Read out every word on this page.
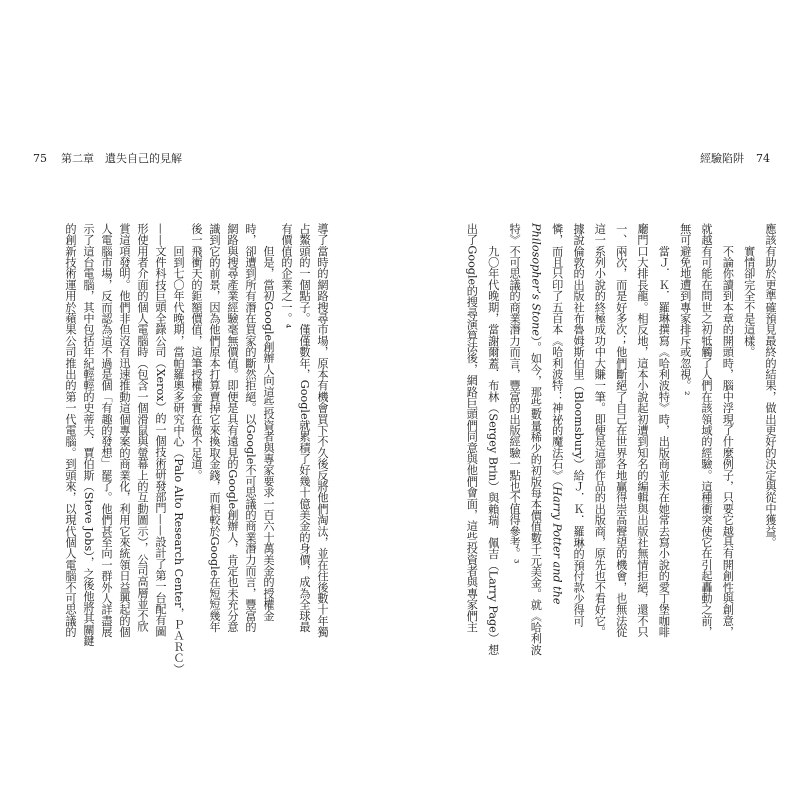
75 第二章 遺失自己的見解
導了當時的網路搜尋市場，原本有機會買下不久後反將他們淘汰，並在往後數十年獨
占鰲頭的一個點子。僅僅數年，Google就累積了好幾十億美金的身價，成為全球最
有價值的企業之一。⁴
　　但是，當初Google創辦人向這些投資者與專家要求一百六十萬美金的授權金
時，卻遭到所有潛在買家的斷然拒絕。以Google不可思議的商業潛力而言，豐富的
網路與搜尋產業經驗毫無價值。即便是具有遠見的Google創辦人，肯定也未充分意
識到它的前景，因為他們原本打算賣掉它來換取金錢，而相較於Google在短短幾年
後一飛衝天的鉅額價值，這筆授權金實在微不足道。
　　回到七〇年代晚期，當帕羅奧多研究中心（Palo Alto Research Center，ＰＡＲＣ）
——文件科技巨頭全錄公司（Xerox）的一個技術研發部門——設計了第一台配有圖
形使用者介面的個人電腦時（包含一個滑鼠與螢幕上的互動圖示），公司高層並不欣
賞這項發明。他們非但沒有迅速推動這個專案的商業化，利用它來統領日益興起的個
人電腦市場，反而認為這不過是個「有趣的發想」罷了。他們甚至向一群外人詳盡展
示了這台電腦，其中包括年紀輕輕的史蒂夫．賈伯斯（Steve Jobs），之後他將其關鍵
的創新技術運用於蘋果公司推出的第一代電腦。到頭來，以現代個人電腦不可思議的
經驗陷阱 74
應該有助於更準確預見最終的結果，做出更好的決定與從中獲益。
　　實情卻完全不是這樣。
　　不論你讀到本章的開頭時，腦中浮現了什麼例子，只要它越具有開創性與創意，
就越有可能在問世之初牴觸了人們在該領域的經驗。這種衝突使它在引起轟動之前，
無可避免地遭到專家排斥或忽視。²
　　當Ｊ．Ｋ．羅琳撰寫《哈利波特》時，出版商並未在她常去寫小說的愛丁堡咖啡
廳門口大排長龍。相反地，這本小說起初遭到知名的編輯與出版社無情拒絕，還不只
一、兩次，而是好多次；他們斷絕了自己在世界各地贏得崇高聲望的機會，也無法從
這一系列小說的終極成功中大賺一筆。即便是這部作品的出版商，原先也不看好它。
據說倫敦的出版社布魯姆斯伯里（Bloomsbury）給Ｊ．Ｋ．羅琳的預付款少得可
憐，而且只印了五百本《哈利波特：神祕的魔法石》（Harry Potter and the
Philosopher’s Stone）。如今，那些數量稀少的初版每本價值數千元美金。就《哈利波
特》不可思議的商業潛力而言，豐富的出版經驗一點也不值得參考。³
　　九〇年代晚期，當謝爾蓋．布林（Sergey Brin）與賴瑞．佩吉（Larry Page）想
出了Google的搜尋演算法後，網路巨頭們同意與他們會面，這些投資者與專家們主
